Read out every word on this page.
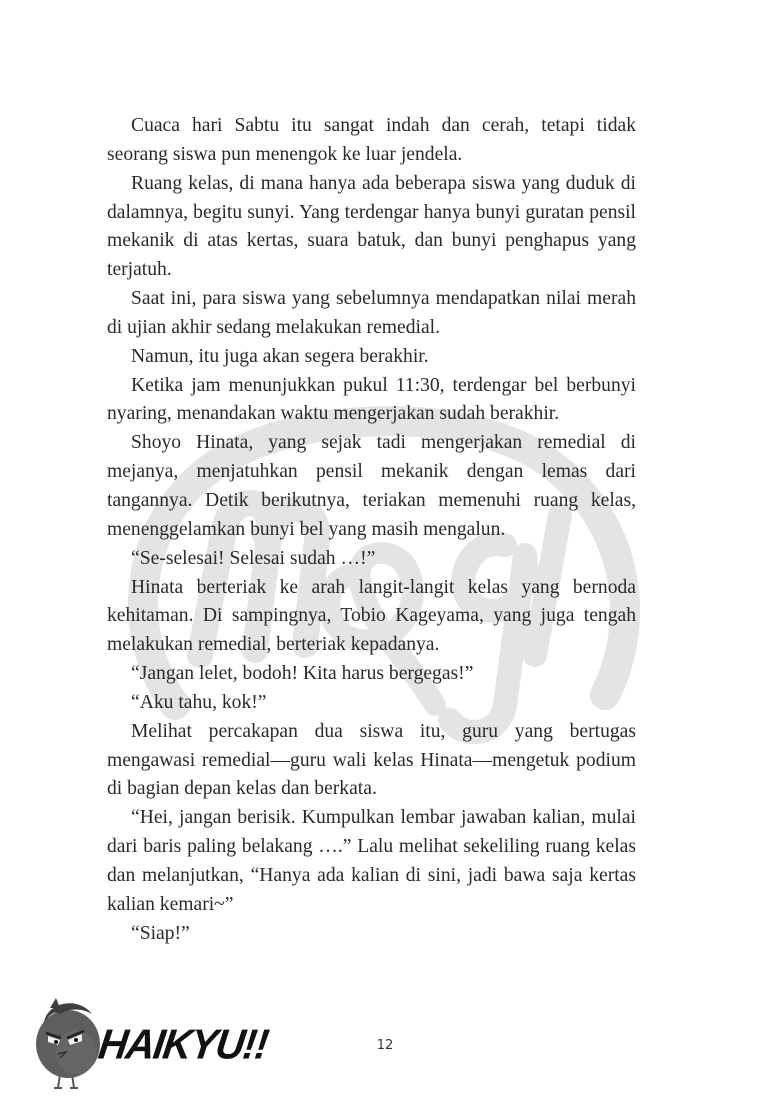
Cuaca hari Sabtu itu sangat indah dan cerah, tetapi tidak seorang siswa pun menengok ke luar jendela.

Ruang kelas, di mana hanya ada beberapa siswa yang duduk di dalamnya, begitu sunyi. Yang terdengar hanya bunyi guratan pensil mekanik di atas kertas, suara batuk, dan bunyi penghapus yang terjatuh.

Saat ini, para siswa yang sebelumnya mendapatkan nilai merah di ujian akhir sedang melakukan remedial.

Namun, itu juga akan segera berakhir.

Ketika jam menunjukkan pukul 11:30, terdengar bel berbunyi nyaring, menandakan waktu mengerjakan sudah berakhir.

Shoyo Hinata, yang sejak tadi mengerjakan remedial di mejanya, menjatuhkan pensil mekanik dengan lemas dari tangannya. Detik berikutnya, teriakan memenuhi ruang kelas, menenggelamkan bunyi bel yang masih mengalun.

“Se-selesai! Selesai sudah …!”

Hinata berteriak ke arah langit-langit kelas yang bernoda kehitaman. Di sampingnya, Tobio Kageyama, yang juga tengah melakukan remedial, berteriak kepadanya.

“Jangan lelet, bodoh! Kita harus bergegas!”

“Aku tahu, kok!”

Melihat percakapan dua siswa itu, guru yang bertugas mengawasi remedial—guru wali kelas Hinata—mengetuk podium di bagian depan kelas dan berkata.

“Hei, jangan berisik. Kumpulkan lembar jawaban kalian, mulai dari baris paling belakang ….” Lalu melihat sekeliling ruang kelas dan melanjutkan, “Hanya ada kalian di sini, jadi bawa saja kertas kalian kemari~”

“Siap!”

HAIKYU!!	12
